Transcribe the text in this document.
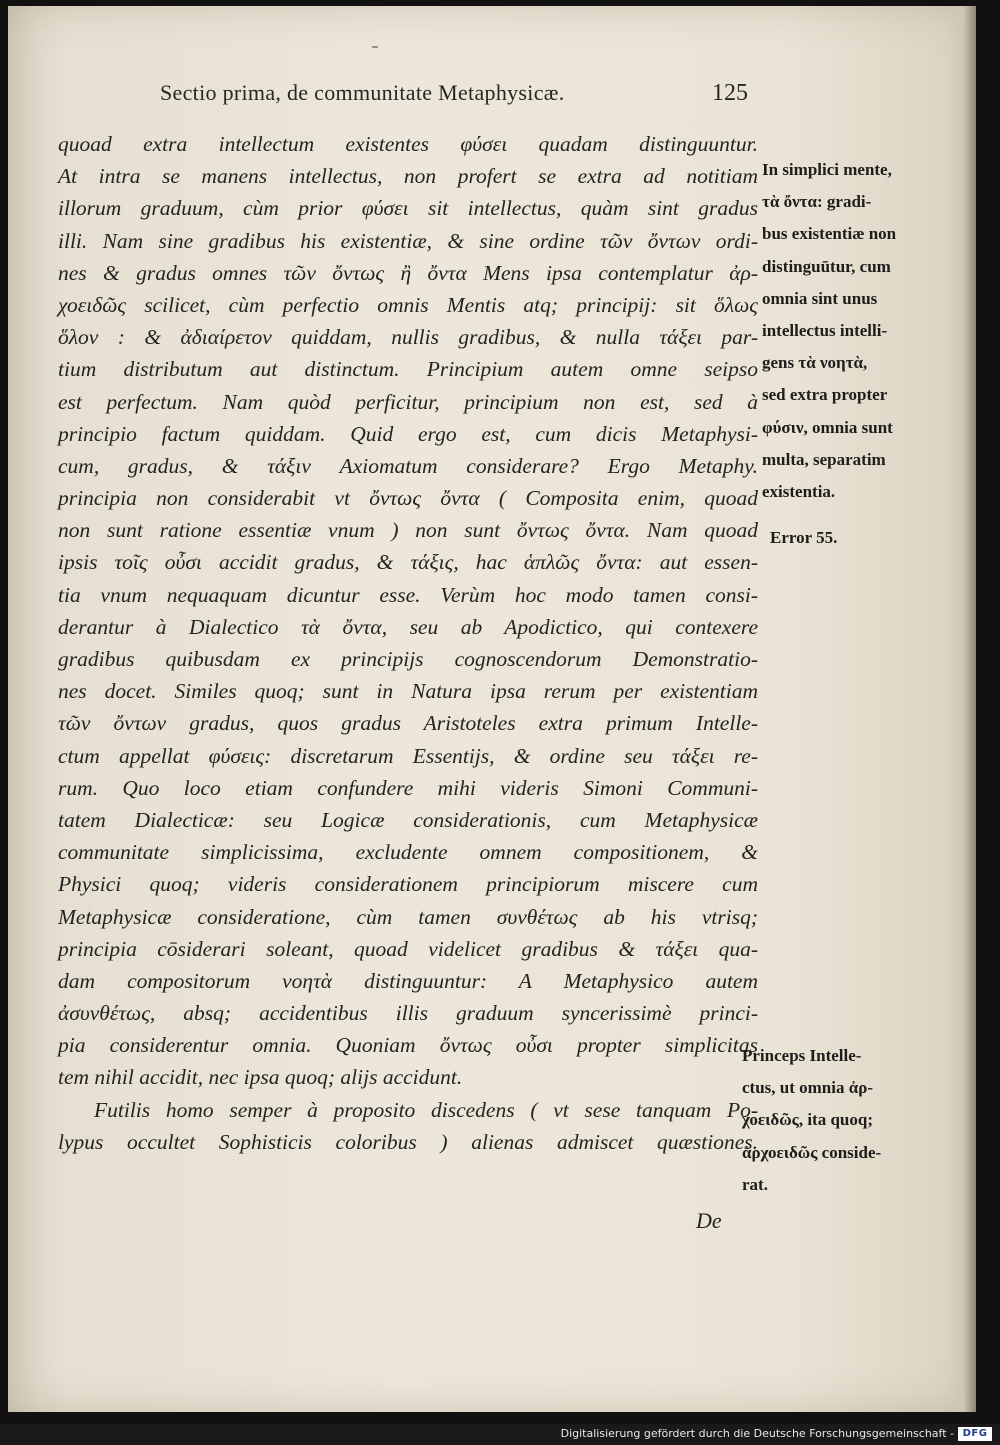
Sectio prima, de communitate Metaphysicæ.	125
quoad extra intellectum existentes φύσει quadam distinguuntur.
At intra se manens intellectus, non profert se extra ad notitiam
illorum graduum, cùm prior φύσει sit intellectus, quàm sint gradus
illi. Nam sine gradibus his existentiæ, & sine ordine τῶν ὄντων ordi-
nes & gradus omnes τῶν ὄντως ἢ ὄντα Mens ipsa contemplatur ἀρ-
χοειδῶς scilicet, cùm perfectio omnis Mentis atq; principij: sit ὅλως
ὅλον : & ἀδιαίρετον quiddam, nullis gradibus, & nulla τάξει par-
tium distributum aut distinctum. Principium autem omne seipso
est perfectum. Nam quòd perficitur, principium non est, sed à
principio factum quiddam. Quid ergo est, cum dicis Metaphysi-
cum, gradus, & τάξιν Axiomatum considerare? Ergo Metaphy.
principia non considerabit vt ὄντως ὄντα ( Composita enim, quoad
non sunt ratione essentiæ vnum ) non sunt ὄντως ὄντα. Nam quoad
ipsis τοῖς οὖσι accidit gradus, & τάξις, hac ἁπλῶς ὄντα: aut essen-
tia vnum nequaquam dicuntur esse. Verùm hoc modo tamen consi-
derantur à Dialectico τὰ ὄντα, seu ab Apodictico, qui contexere
gradibus quibusdam ex principijs cognoscendorum Demonstratio-
nes docet. Similes quoq; sunt in Natura ipsa rerum per existentiam
τῶν ὄντων gradus, quos gradus Aristoteles extra primum Intelle-
ctum appellat φύσεις: discretarum Essentijs, & ordine seu τάξει re-
rum. Quo loco etiam confundere mihi videris Simoni Communi-
tatem Dialecticæ: seu Logicæ considerationis, cum Metaphysicæ
communitate simplicissima, excludente omnem compositionem, &
Physici quoq; videris considerationem principiorum miscere cum
Metaphysicæ consideratione, cùm tamen συνθέτως ab his vtrisq;
principia cōsiderari soleant, quoad videlicet gradibus & τάξει qua-
dam compositorum νοητὰ distinguuntur: A Metaphysico autem
ἀσυνθέτως, absq; accidentibus illis graduum syncerissimè princi-
pia considerentur omnia. Quoniam ὄντως οὖσι propter simplicitas
tem nihil accidit, nec ipsa quoq; alijs accidunt.
Futilis homo semper à proposito discedens ( vt sese tanquam Po-
lypus occultet Sophisticis coloribus ) alienas admiscet quæstiones.
De
In simplici mente,
τὰ ὄντα: gradi-
bus existentiæ non
distinguūtur, cum
omnia sint unus
intellectus intelli-
gens τὰ νοητὰ,
sed extra propter
φύσιν, omnia sunt
multa, separatim
existentia.
Error 55.
Princeps Intelle-
ctus, ut omnia ἀρ-
χοειδῶς, ita quoq;
ἀρχοειδῶς conside-
rat.
Digitalisierung gefördert durch die Deutsche Forschungsgemeinschaft - DFG
